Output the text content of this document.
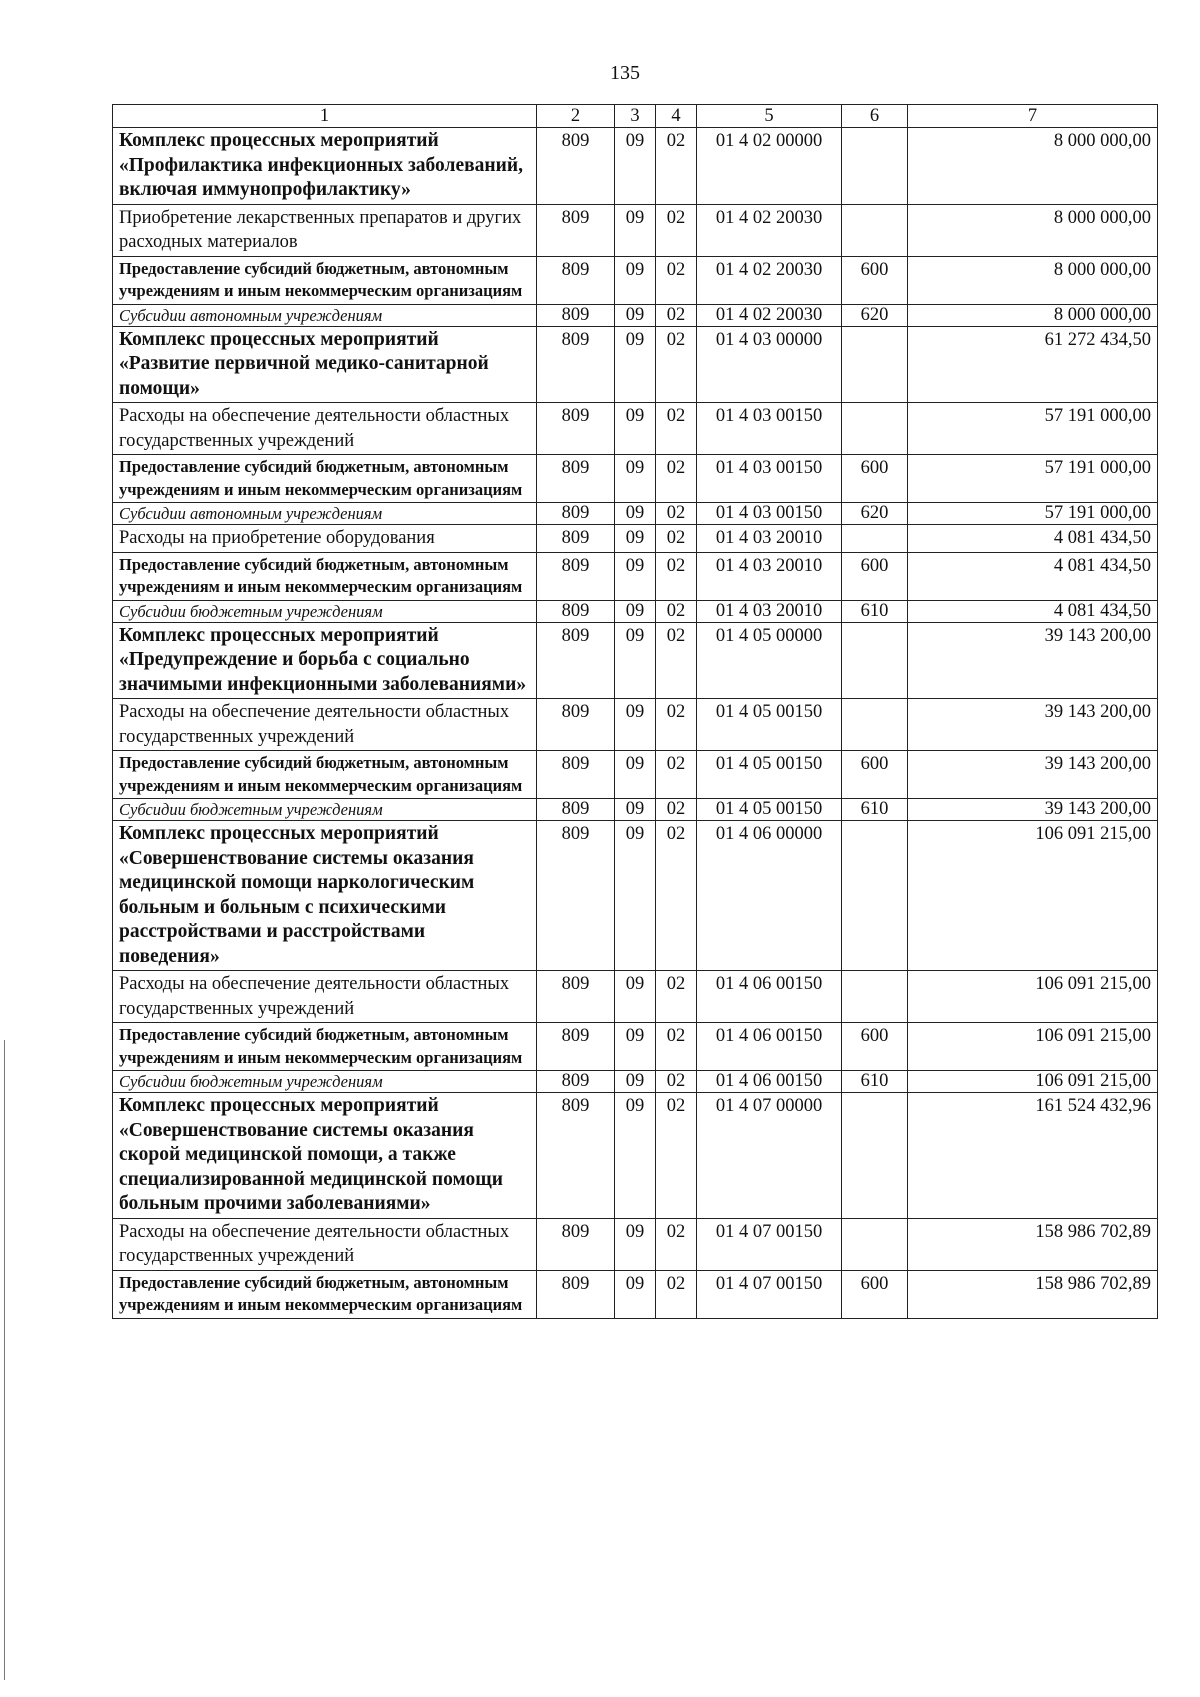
135
1	2	3	4	5	6	7
Комплекс процессных мероприятий «Профилактика инфекционных заболеваний, включая иммунопрофилактику»	809	09	02	01 4 02 00000		8 000 000,00
Приобретение лекарственных препаратов и других расходных материалов	809	09	02	01 4 02 20030		8 000 000,00
Предоставление субсидий бюджетным, автономным учреждениям и иным некоммерческим организациям	809	09	02	01 4 02 20030	600	8 000 000,00
Субсидии автономным учреждениям	809	09	02	01 4 02 20030	620	8 000 000,00
Комплекс процессных мероприятий «Развитие первичной медико-санитарной помощи»	809	09	02	01 4 03 00000		61 272 434,50
Расходы на обеспечение деятельности областных государственных учреждений	809	09	02	01 4 03 00150		57 191 000,00
Предоставление субсидий бюджетным, автономным учреждениям и иным некоммерческим организациям	809	09	02	01 4 03 00150	600	57 191 000,00
Субсидии автономным учреждениям	809	09	02	01 4 03 00150	620	57 191 000,00
Расходы на приобретение оборудования	809	09	02	01 4 03 20010		4 081 434,50
Предоставление субсидий бюджетным, автономным учреждениям и иным некоммерческим организациям	809	09	02	01 4 03 20010	600	4 081 434,50
Субсидии бюджетным учреждениям	809	09	02	01 4 03 20010	610	4 081 434,50
Комплекс процессных мероприятий «Предупреждение и борьба с социально значимыми инфекционными заболеваниями»	809	09	02	01 4 05 00000		39 143 200,00
Расходы на обеспечение деятельности областных государственных учреждений	809	09	02	01 4 05 00150		39 143 200,00
Предоставление субсидий бюджетным, автономным учреждениям и иным некоммерческим организациям	809	09	02	01 4 05 00150	600	39 143 200,00
Субсидии бюджетным учреждениям	809	09	02	01 4 05 00150	610	39 143 200,00
Комплекс процессных мероприятий «Совершенствование системы оказания медицинской помощи наркологическим больным и больным с психическими расстройствами и расстройствами поведения»	809	09	02	01 4 06 00000		106 091 215,00
Расходы на обеспечение деятельности областных государственных учреждений	809	09	02	01 4 06 00150		106 091 215,00
Предоставление субсидий бюджетным, автономным учреждениям и иным некоммерческим организациям	809	09	02	01 4 06 00150	600	106 091 215,00
Субсидии бюджетным учреждениям	809	09	02	01 4 06 00150	610	106 091 215,00
Комплекс процессных мероприятий «Совершенствование системы оказания скорой медицинской помощи, а также специализированной медицинской помощи больным прочими заболеваниями»	809	09	02	01 4 07 00000		161 524 432,96
Расходы на обеспечение деятельности областных государственных учреждений	809	09	02	01 4 07 00150		158 986 702,89
Предоставление субсидий бюджетным, автономным учреждениям и иным некоммерческим организациям	809	09	02	01 4 07 00150	600	158 986 702,89
